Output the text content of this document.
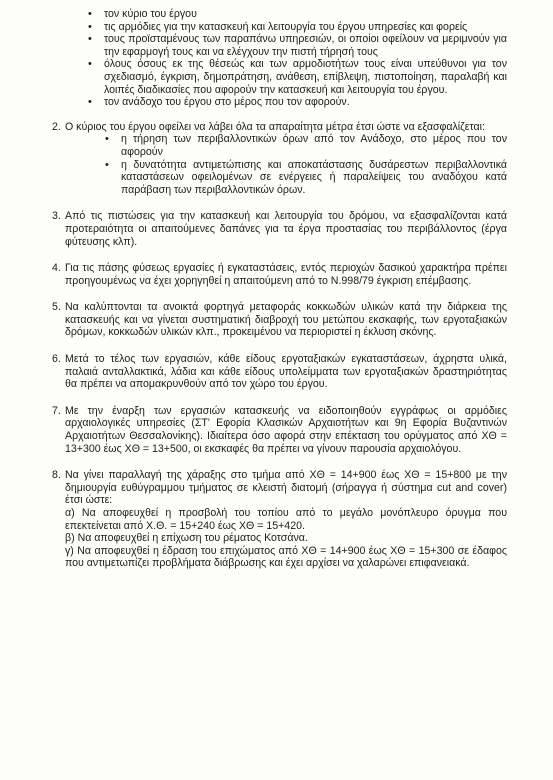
• τον κύριο του έργου
• τις αρμόδιες για την κατασκευή και λειτουργία του έργου υπηρεσίες και φορείς
• τους προϊσταμένους των παραπάνω υπηρεσιών, οι οποίοι οφείλουν να μεριμνούν για την εφαρμογή τους και να ελέγχουν την πιστή τήρησή τους
• όλους όσους εκ της θέσεώς και των αρμοδιοτήτων τους είναι υπεύθυνοι για τον σχεδιασμό, έγκριση, δημοπράτηση, ανάθεση, επίβλεψη, πιστοποίηση, παραλαβή και λοιπές διαδικασίες που αφορούν την κατασκευή και λειτουργία του έργου.
• τον ανάδοχο του έργου στο μέρος που τον αφορούν.
2. Ο κύριος του έργου οφείλει να λάβει όλα τα απαραίτητα μέτρα έτσι ώστε να εξασφαλίζεται:
• η τήρηση των περιβαλλοντικών όρων από τον Ανάδοχο, στο μέρος που τον αφορούν
• η δυνατότητα αντιμετώπισης και αποκατάστασης δυσάρεστων περιβαλλοντικά καταστάσεων οφειλομένων σε ενέργειες ή παραλείψεις του αναδόχου κατά παράβαση των περιβαλλοντικών όρων.
3. Από τις πιστώσεις για την κατασκευή και λειτουργία του δρόμου, να εξασφαλίζονται κατά προτεραιότητα οι απαιτούμενες δαπάνες για τα έργα προστασίας του περιβάλλοντος (έργα φύτευσης κλπ).
4. Για τις πάσης φύσεως εργασίες ή εγκαταστάσεις, εντός περιοχών δασικού χαρακτήρα πρέπει προηγουμένως να έχει χορηγηθεί η απαιτούμενη από το Ν.998/79 έγκριση επέμβασης.
5. Να καλύπτονται τα ανοικτά φορτηγά μεταφοράς κοκκωδών υλικών κατά την διάρκεια της κατασκευής και να γίνεται συστηματική διαβροχή του μετώπου εκσκαφής, των εργοταξιακών δρόμων, κοκκωδών υλικών κλπ., προκειμένου να περιοριστεί η έκλυση σκόνης.
6. Μετά το τέλος των εργασιών, κάθε είδους εργοταξιακών εγκαταστάσεων, άχρηστα υλικά, παλαιά ανταλλακτικά, λάδια και κάθε είδους υπολείμματα των εργοταξιακών δραστηριότητας θα πρέπει να απομακρυνθούν από τον χώρο του έργου.
7. Με την έναρξη των εργασιών κατασκευής να ειδοποιηθούν εγγράφως οι αρμόδιες αρχαιολογικές υπηρεσίες (ΣΤ' Εφορία Κλασικών Αρχαιοτήτων και 9η Εφορία Βυζαντινών Αρχαιοτήτων Θεσσαλονίκης). Ιδιαίτερα όσο αφορά στην επέκταση του ορύγματος από ΧΘ = 13+300 έως ΧΘ = 13+500, οι εκσκαφές θα πρέπει να γίνουν παρουσία αρχαιολόγου.
8. Να γίνει παραλλαγή της χάραξης στο τμήμα από ΧΘ = 14+900 έως ΧΘ = 15+800 με την δημιουργία ευθύγραμμου τμήματος σε κλειστή διατομή (σήραγγα ή σύστημα cut and cover) έτσι ώστε:
α) Να αποφευχθεί η προσβολή του τοπίου από το μεγάλο μονόπλευρο όρυγμα που επεκτείνεται από Χ.Θ. = 15+240 έως ΧΘ = 15+420.
β) Να αποφευχθεί η επίχωση του ρέματος Κοτσάνα.
γ) Να αποφευχθεί η έδραση του επιχώματος από ΧΘ = 14+900 έως ΧΘ = 15+300 σε έδαφος που αντιμετωπίζει προβλήματα διάβρωσης και έχει αρχίσει να χαλαρώνει επιφανειακά.
